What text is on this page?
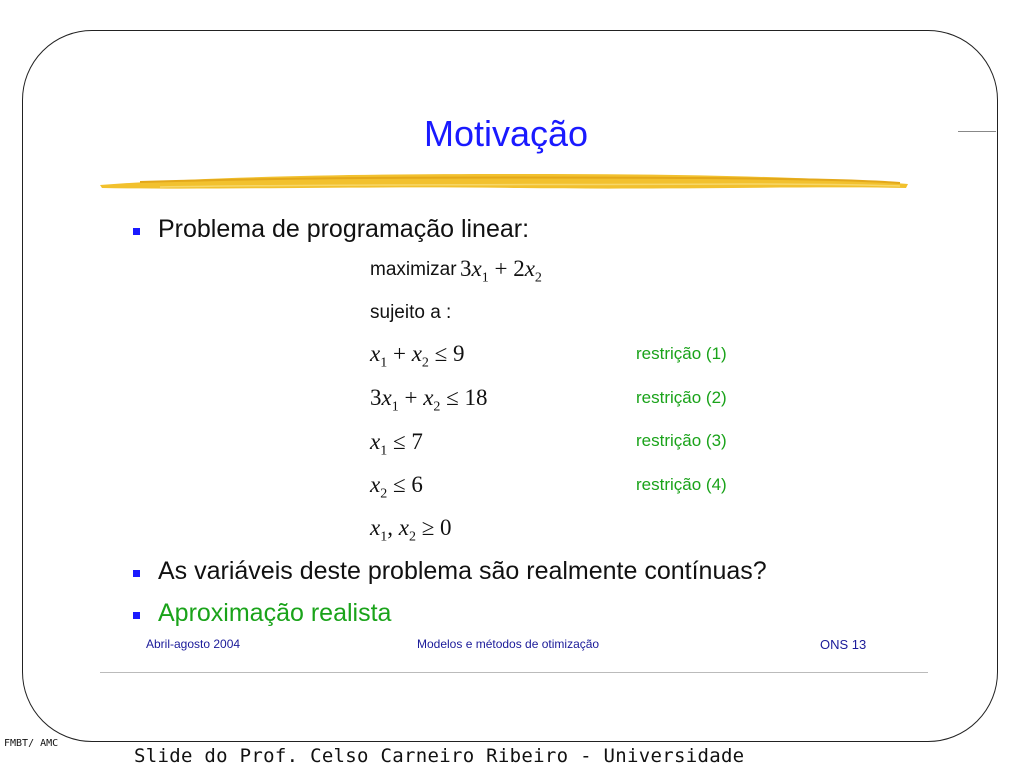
Motivação
Problema de programação linear:
maximizar $3x_1 + 2x_2$
sujeito a :
$x_1 + x_2 \le 9$	restrição (1)
$3x_1 + x_2 \le 18$	restrição (2)
$x_1 \le 7$	restrição (3)
$x_2 \le 6$	restrição (4)
$x_1$, $x_2 \ge 0$
As variáveis deste problema são realmente contínuas?
Aproximação realista
Abril-agosto 2004	Modelos e métodos de otimização	ONS 13
FMBT/ AMC
Slide do Prof. Celso Carneiro Ribeiro - Universidade
